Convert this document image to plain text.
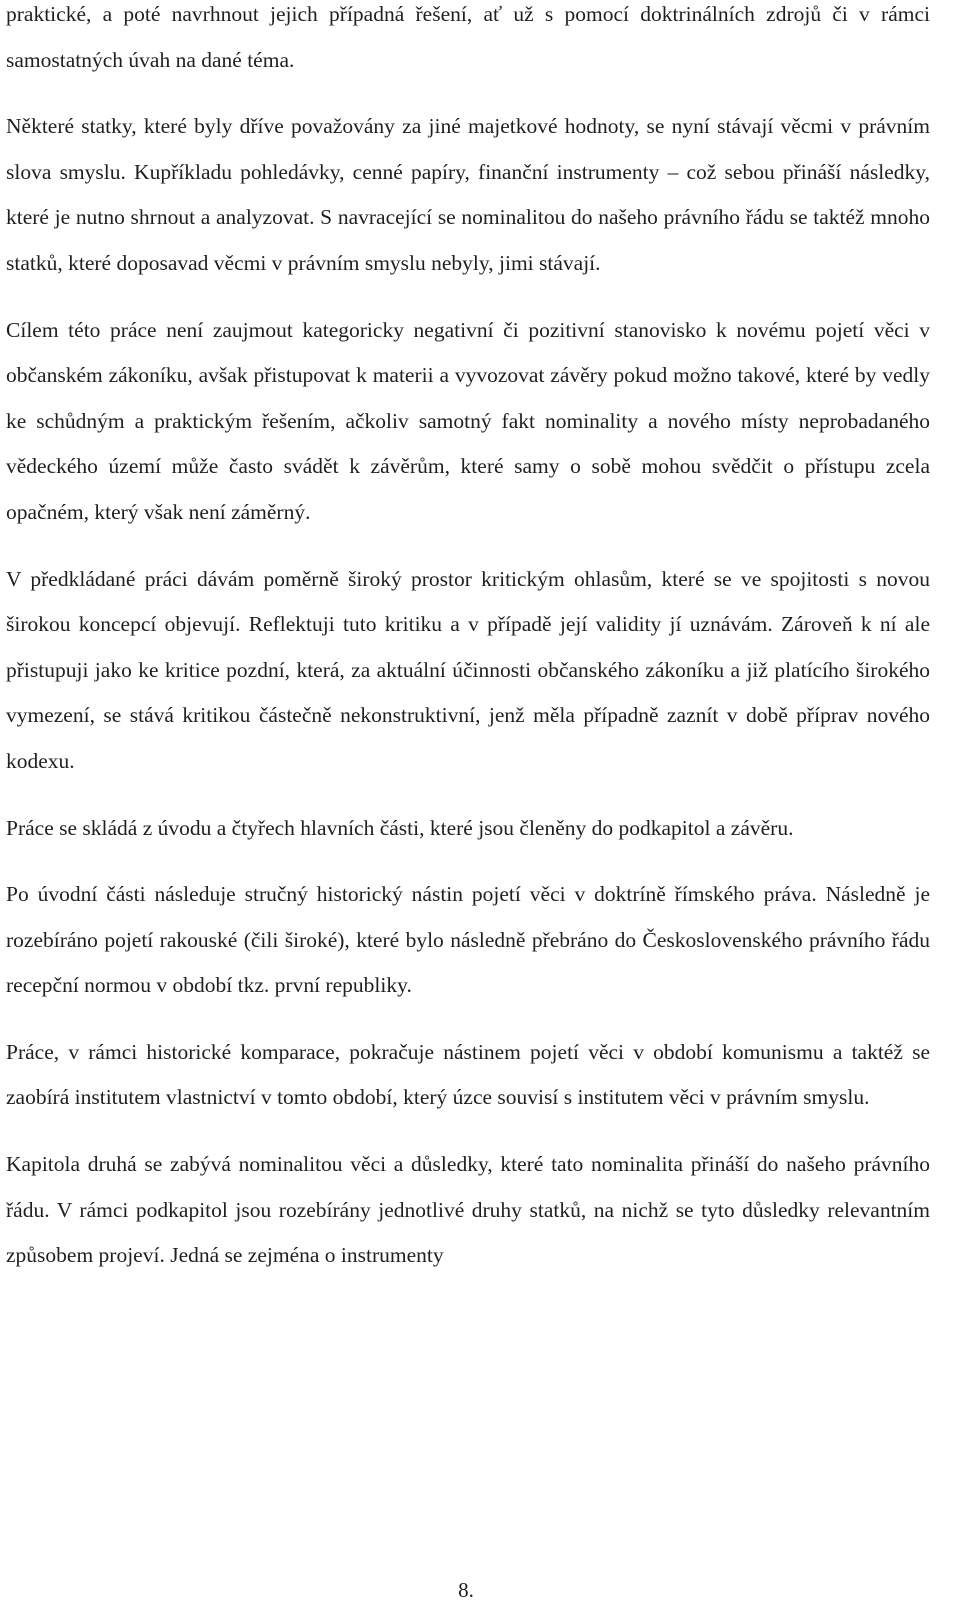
praktické, a poté navrhnout jejich případná řešení, ať už s pomocí doktrinálních zdrojů či v rámci samostatných úvah na dané téma.

Některé statky, které byly dříve považovány za jiné majetkové hodnoty, se nyní stávají věcmi v právním slova smyslu. Kupříkladu pohledávky, cenné papíry, finanční instrumenty – což sebou přináší následky, které je nutno shrnout a analyzovat. S navracející se nominalitou do našeho právního řádu se taktéž mnoho statků, které doposavad věcmi v právním smyslu nebyly, jimi stávají.

Cílem této práce není zaujmout kategoricky negativní či pozitivní stanovisko k novému pojetí věci v občanském zákoníku, avšak přistupovat k materii a vyvozovat závěry pokud možno takové, které by vedly ke schůdným a praktickým řešením, ačkoliv samotný fakt nominality a nového místy neprobadaného vědeckého území může často svádět k závěrům, které samy o sobě mohou svědčit o přístupu zcela opačném, který však není záměrný.

V předkládané práci dávám poměrně široký prostor kritickým ohlasům, které se ve spojitosti s novou širokou koncepcí objevují. Reflektuji tuto kritiku a v případě její validity jí uznávám. Zároveň k ní ale přistupuji jako ke kritice pozdní, která, za aktuální účinnosti občanského zákoníku a již platícího širokého vymezení, se stává kritikou částečně nekonstruktivní, jenž měla případně zaznít v době příprav nového kodexu.

Práce se skládá z úvodu a čtyřech hlavních části, které jsou členěny do podkapitol a závěru.

Po úvodní části následuje stručný historický nástin pojetí věci v doktríně římského práva. Následně je rozebíráno pojetí rakouské (čili široké), které bylo následně přebráno do Československého právního řádu recepční normou v období tkz. první republiky.

Práce, v rámci historické komparace, pokračuje nástinem pojetí věci v období komunismu a taktéž se zaobírá institutem vlastnictví v tomto období, který úzce souvisí s institutem věci v právním smyslu.

Kapitola druhá se zabývá nominalitou věci a důsledky, které tato nominalita přináší do našeho právního řádu. V rámci podkapitol jsou rozebírány jednotlivé druhy statků, na nichž se tyto důsledky relevantním způsobem projeví. Jedná se zejména o instrumenty

8.
